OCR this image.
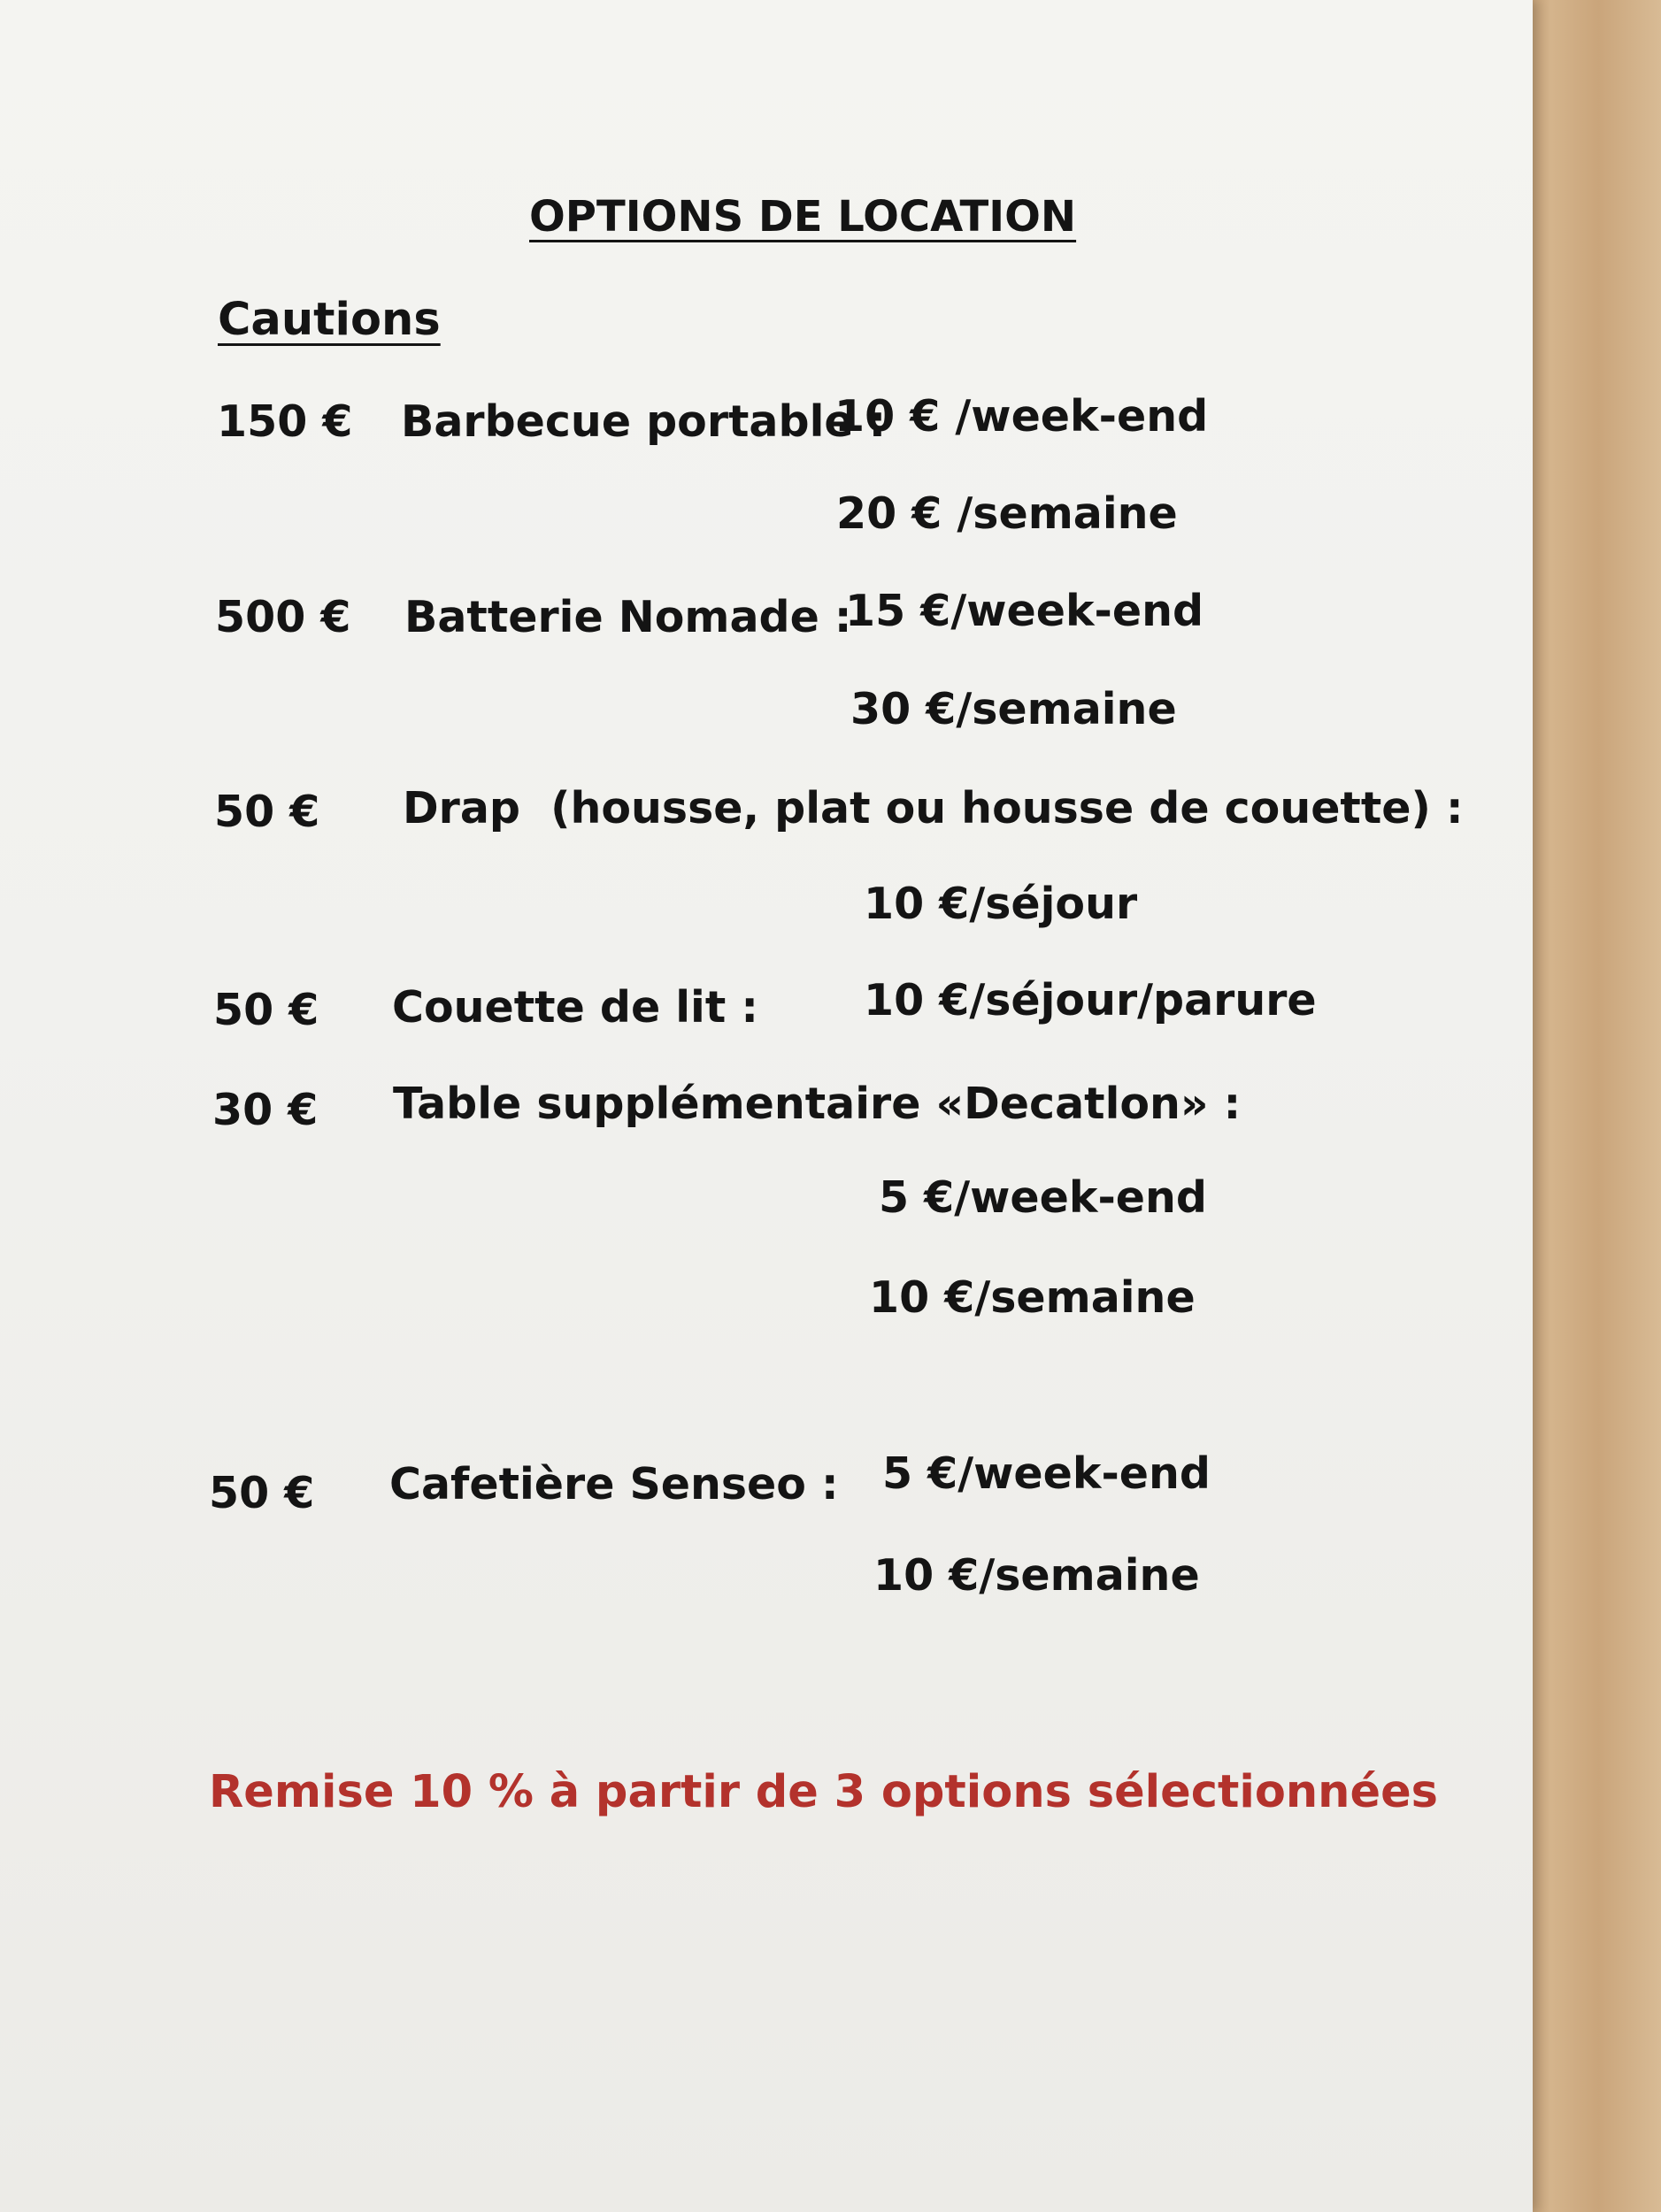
OPTIONS DE LOCATION
Cautions
150 € Barbecue portable :
10 € /week-end
20 € /semaine
500 € Batterie Nomade :
15 €/week-end
30 €/semaine
50 € Drap  (housse, plat ou housse de couette) :
10 €/séjour
50 € Couette de lit : 10 €/séjour/parure
30 € Table supplémentaire «Decatlon» :
5 €/week-end
10 €/semaine
50 € Cafetière Senseo : 5 €/week-end
10 €/semaine
Remise 10 % à partir de 3 options sélectionnées
